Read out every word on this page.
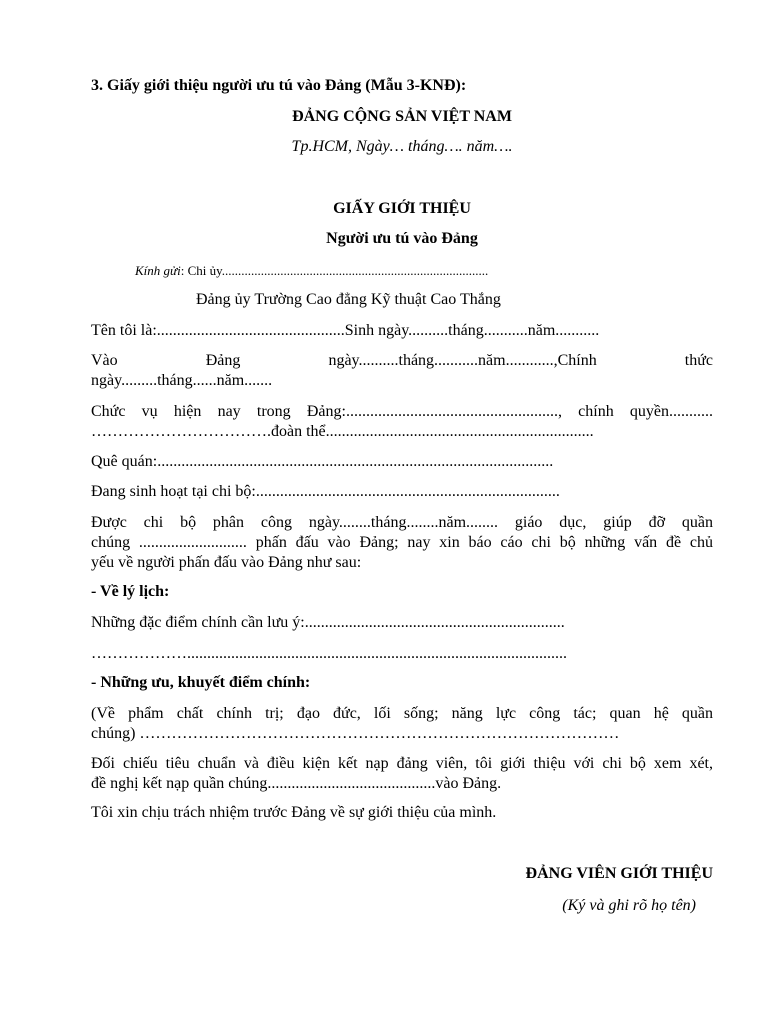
3. Giấy giới thiệu người ưu tú vào Đảng (Mẫu 3-KNĐ):
ĐẢNG CỘNG SẢN VIỆT NAM
Tp.HCM, Ngày… tháng…. năm….
GIẤY GIỚI THIỆU
Người ưu tú vào Đảng
Kính gửi: Chi ủy..................................................................................
Đảng ủy Trường Cao đẳng Kỹ thuật Cao Thắng
Tên tôi là:...............................................Sinh ngày..........tháng...........năm...........
Vào Đảng ngày..........tháng...........năm............,Chính thức
ngày.........tháng......năm.......
Chức vụ hiện nay trong Đảng:....................................................., chính quyền...........
…………………………….đoàn thể...................................................................
Quê quán:...................................................................................................
Đang sinh hoạt tại chi bộ:............................................................................
Được chi bộ phân công ngày........tháng........năm........ giáo dục, giúp đỡ quần
chúng ........................... phấn đấu vào Đảng; nay xin báo cáo chi bộ những vấn đề chủ
yếu về người phấn đấu vào Đảng như sau:
- Về lý lịch:
Những đặc điểm chính cần lưu ý:.................................................................
………………...............................................................................................
- Những ưu, khuyết điểm chính:
(Về phẩm chất chính trị; đạo đức, lối sống; năng lực công tác; quan hệ quần
chúng) ………………………………………………………………………………
Đối chiếu tiêu chuẩn và điều kiện kết nạp đảng viên, tôi giới thiệu với chi bộ xem xét,
đề nghị kết nạp quần chúng..........................................vào Đảng.
Tôi xin chịu trách nhiệm trước Đảng về sự giới thiệu của mình.
ĐẢNG VIÊN GIỚI THIỆU
(Ký và ghi rõ họ tên)
